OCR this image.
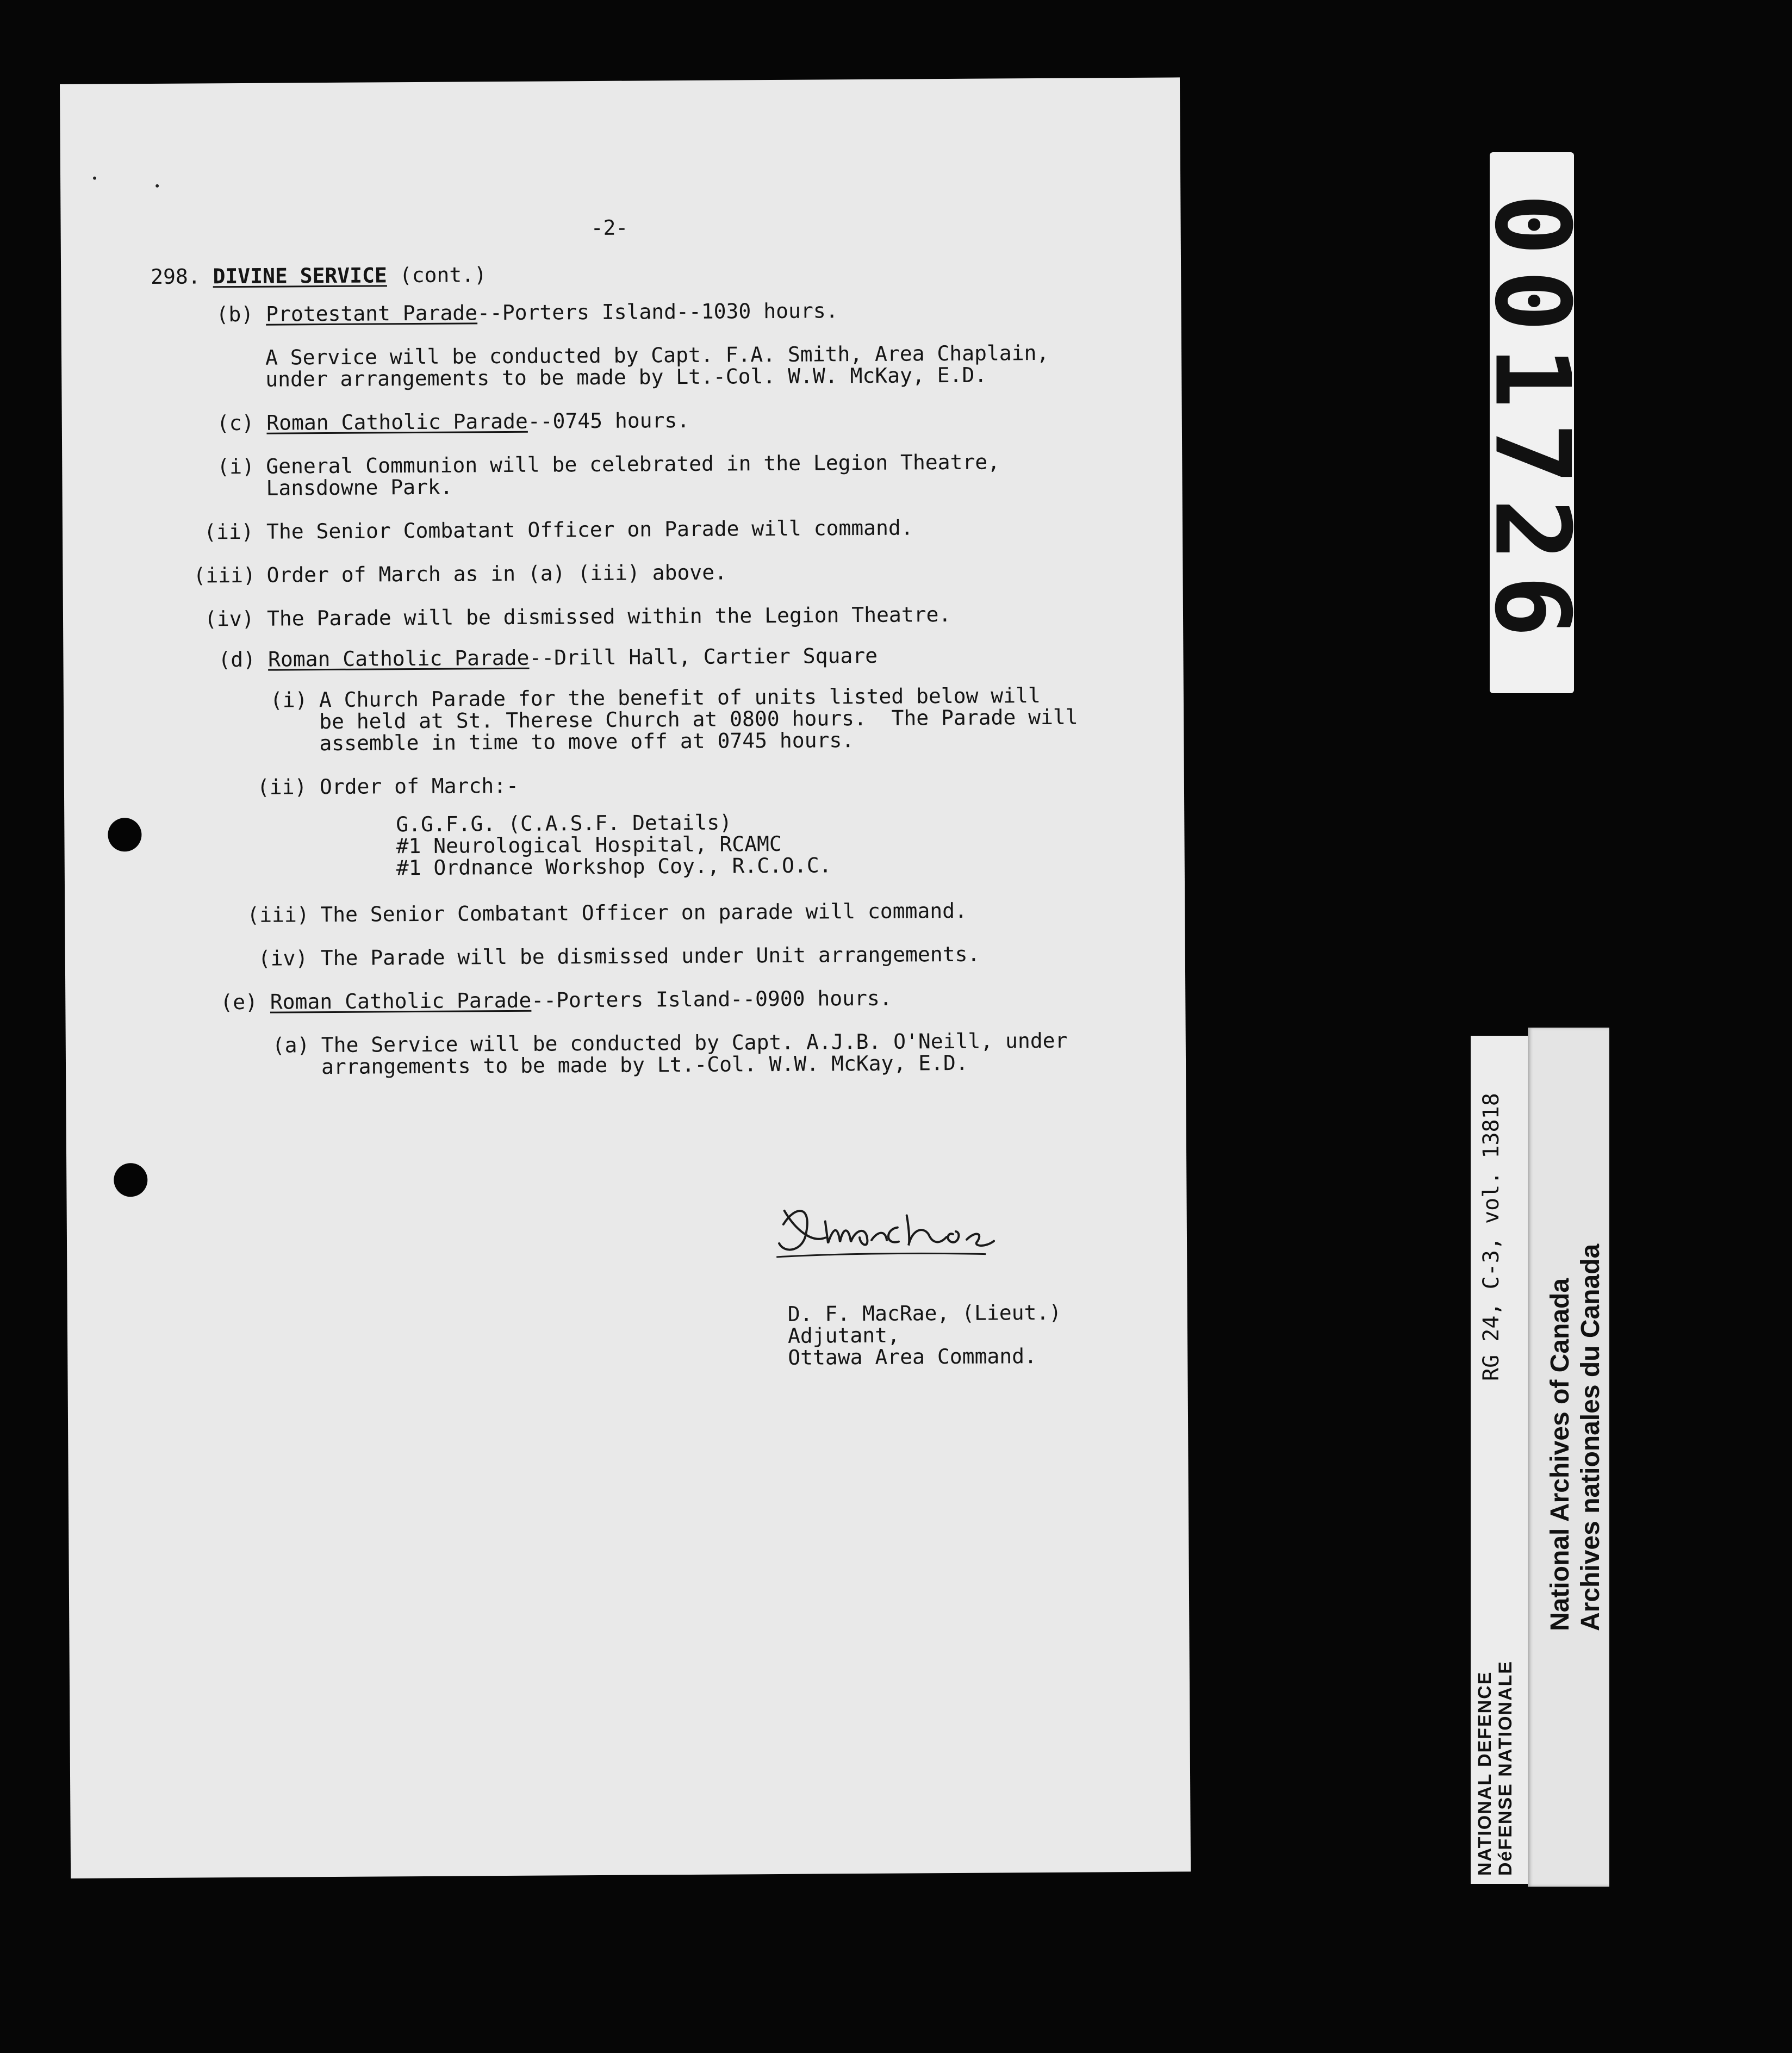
-2-
298. DIVINE SERVICE (cont.)
(b) Protestant Parade--Porters Island--1030 hours.
A Service will be conducted by Capt. F.A. Smith, Area Chaplain,
under arrangements to be made by Lt.-Col. W.W. McKay, E.D.
(c) Roman Catholic Parade--0745 hours.
(i) General Communion will be celebrated in the Legion Theatre,
Lansdowne Park.
(ii) The Senior Combatant Officer on Parade will command.
(iii) Order of March as in (a) (iii) above.
(iv) The Parade will be dismissed within the Legion Theatre.
(d) Roman Catholic Parade--Drill Hall, Cartier Square
(i) A Church Parade for the benefit of units listed below will
be held at St. Therese Church at 0800 hours.  The Parade will
assemble in time to move off at 0745 hours.
(ii) Order of March:-
G.G.F.G. (C.A.S.F. Details)
#1 Neurological Hospital, RCAMC
#1 Ordnance Workshop Coy., R.C.O.C.
(iii) The Senior Combatant Officer on parade will command.
(iv) The Parade will be dismissed under Unit arrangements.
(e) Roman Catholic Parade--Porters Island--0900 hours.
(a) The Service will be conducted by Capt. A.J.B. O'Neill, under
arrangements to be made by Lt.-Col. W.W. McKay, E.D.
D. F. MacRae, (Lieut.)
Adjutant,
Ottawa Area Command.
001726
RG 24, C-3, vol. 13818
NATIONAL DEFENCE DéFENSE NATIONALE
National Archives of Canada Archives nationales du Canada
